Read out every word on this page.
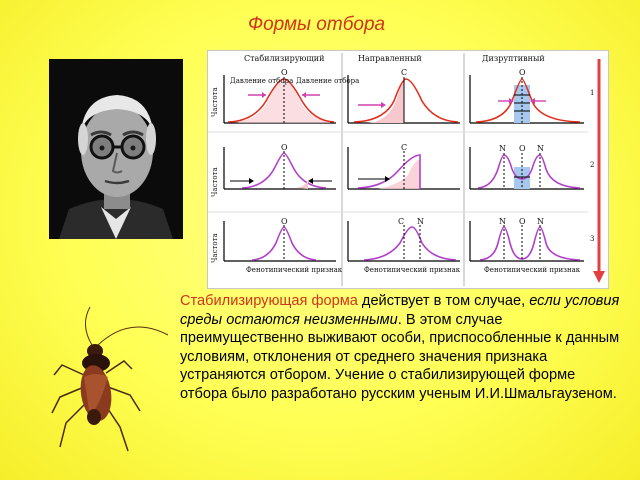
Формы отбора
Стабилизирующий	Направленный	Дизруптивный
Частота
Частота
Частота
О
Давление отбора Давление отбора
С	О
1
О	С	N О N
2
О
Фенотипический признак
С N
Фенотипический признак
N О N
Фенотипический признак
3
Стабилизирующая форма действует в том случае, если условия среды остаются неизменными. В этом случае преимущественно выживают особи, приспособленные к данным условиям, отклонения от среднего значения признака устраняются отбором. Учение о стабилизирующей форме отбора было разработано русским ученым И.И.Шмальгаузеном.
